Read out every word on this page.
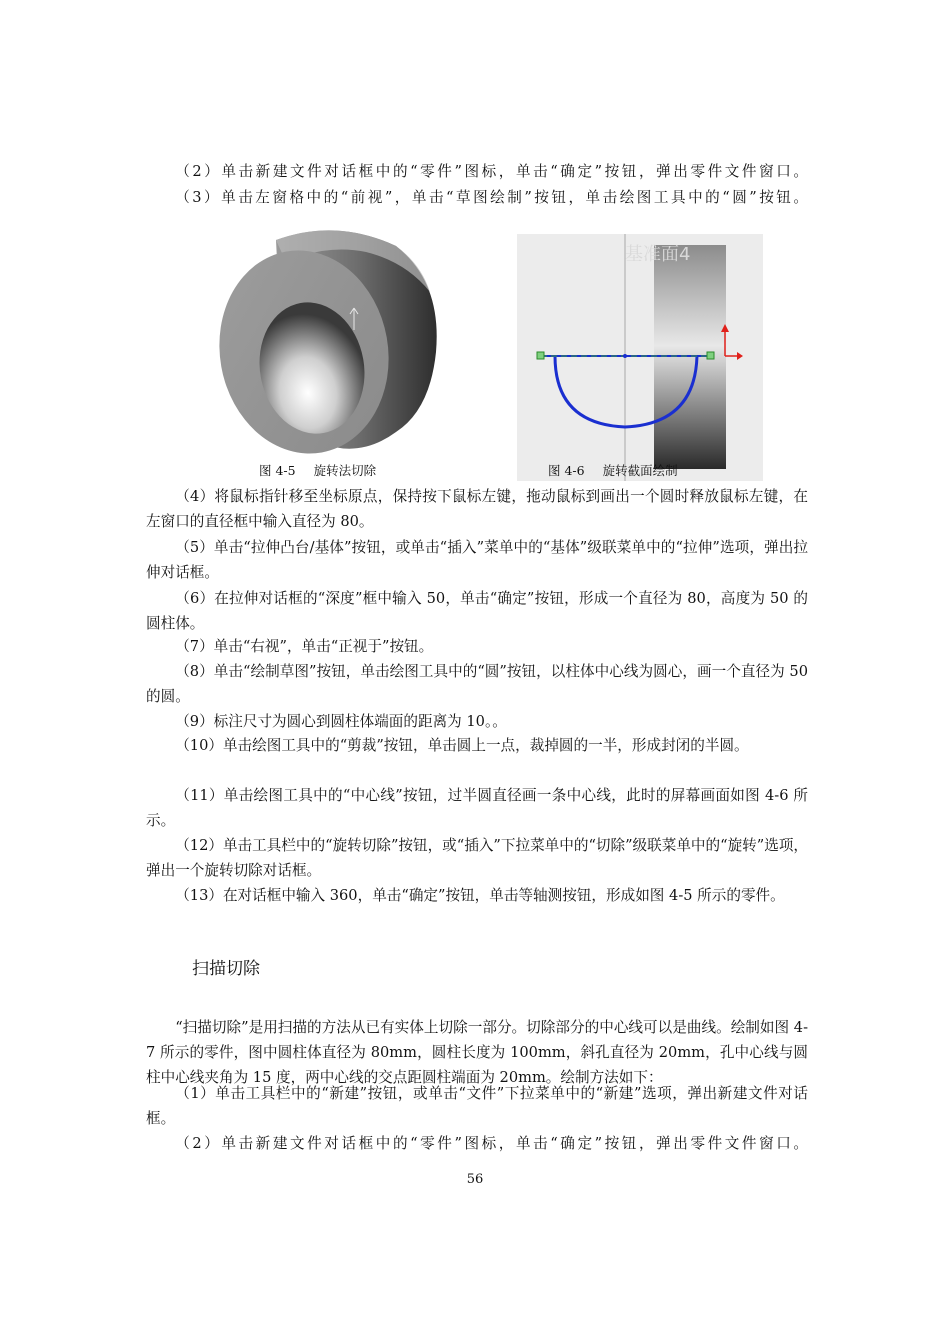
（2）单击新建文件对话框中的“零件”图标，单击“确定”按钮，弹出零件文件窗口。

（3）单击左窗格中的“前视”，单击“草图绘制”按钮，单击绘图工具中的“圆”按钮。

图 4-5 旋转法切除
基准面4
图 4-6 旋转截面绘制

（4）将鼠标指针移至坐标原点，保持按下鼠标左键，拖动鼠标到画出一个圆时释放鼠标左键，在左窗口的直径框中输入直径为 80。

（5）单击“拉伸凸台/基体”按钮，或单击“插入”菜单中的“基体”级联菜单中的“拉伸”选项，弹出拉伸对话框。

（6）在拉伸对话框的“深度”框中输入 50，单击“确定”按钮，形成一个直径为 80，高度为 50 的圆柱体。

（7）单击“右视”，单击“正视于”按钮。

（8）单击“绘制草图”按钮，单击绘图工具中的“圆”按钮，以柱体中心线为圆心，画一个直径为 50 的圆。

（9）标注尺寸为圆心到圆柱体端面的距离为 10。。

（10）单击绘图工具中的“剪裁”按钮，单击圆上一点，裁掉圆的一半，形成封闭的半圆。

（11）单击绘图工具中的“中心线”按钮，过半圆直径画一条中心线，此时的屏幕画面如图 4-6 所示。

（12）单击工具栏中的“旋转切除”按钮，或“插入”下拉菜单中的“切除”级联菜单中的“旋转”选项，弹出一个旋转切除对话框。

（13）在对话框中输入 360，单击“确定”按钮，单击等轴测按钮，形成如图 4-5 所示的零件。

扫描切除

“扫描切除”是用扫描的方法从已有实体上切除一部分。切除部分的中心线可以是曲线。绘制如图 4-7 所示的零件，图中圆柱体直径为 80mm，圆柱长度为 100mm，斜孔直径为 20mm，孔中心线与圆柱中心线夹角为 15 度，两中心线的交点距圆柱端面为 20mm。绘制方法如下：

（1）单击工具栏中的“新建”按钮，或单击“文件”下拉菜单中的“新建”选项，弹出新建文件对话框。

（2）单击新建文件对话框中的“零件”图标，单击“确定”按钮，弹出零件文件窗口。

56
